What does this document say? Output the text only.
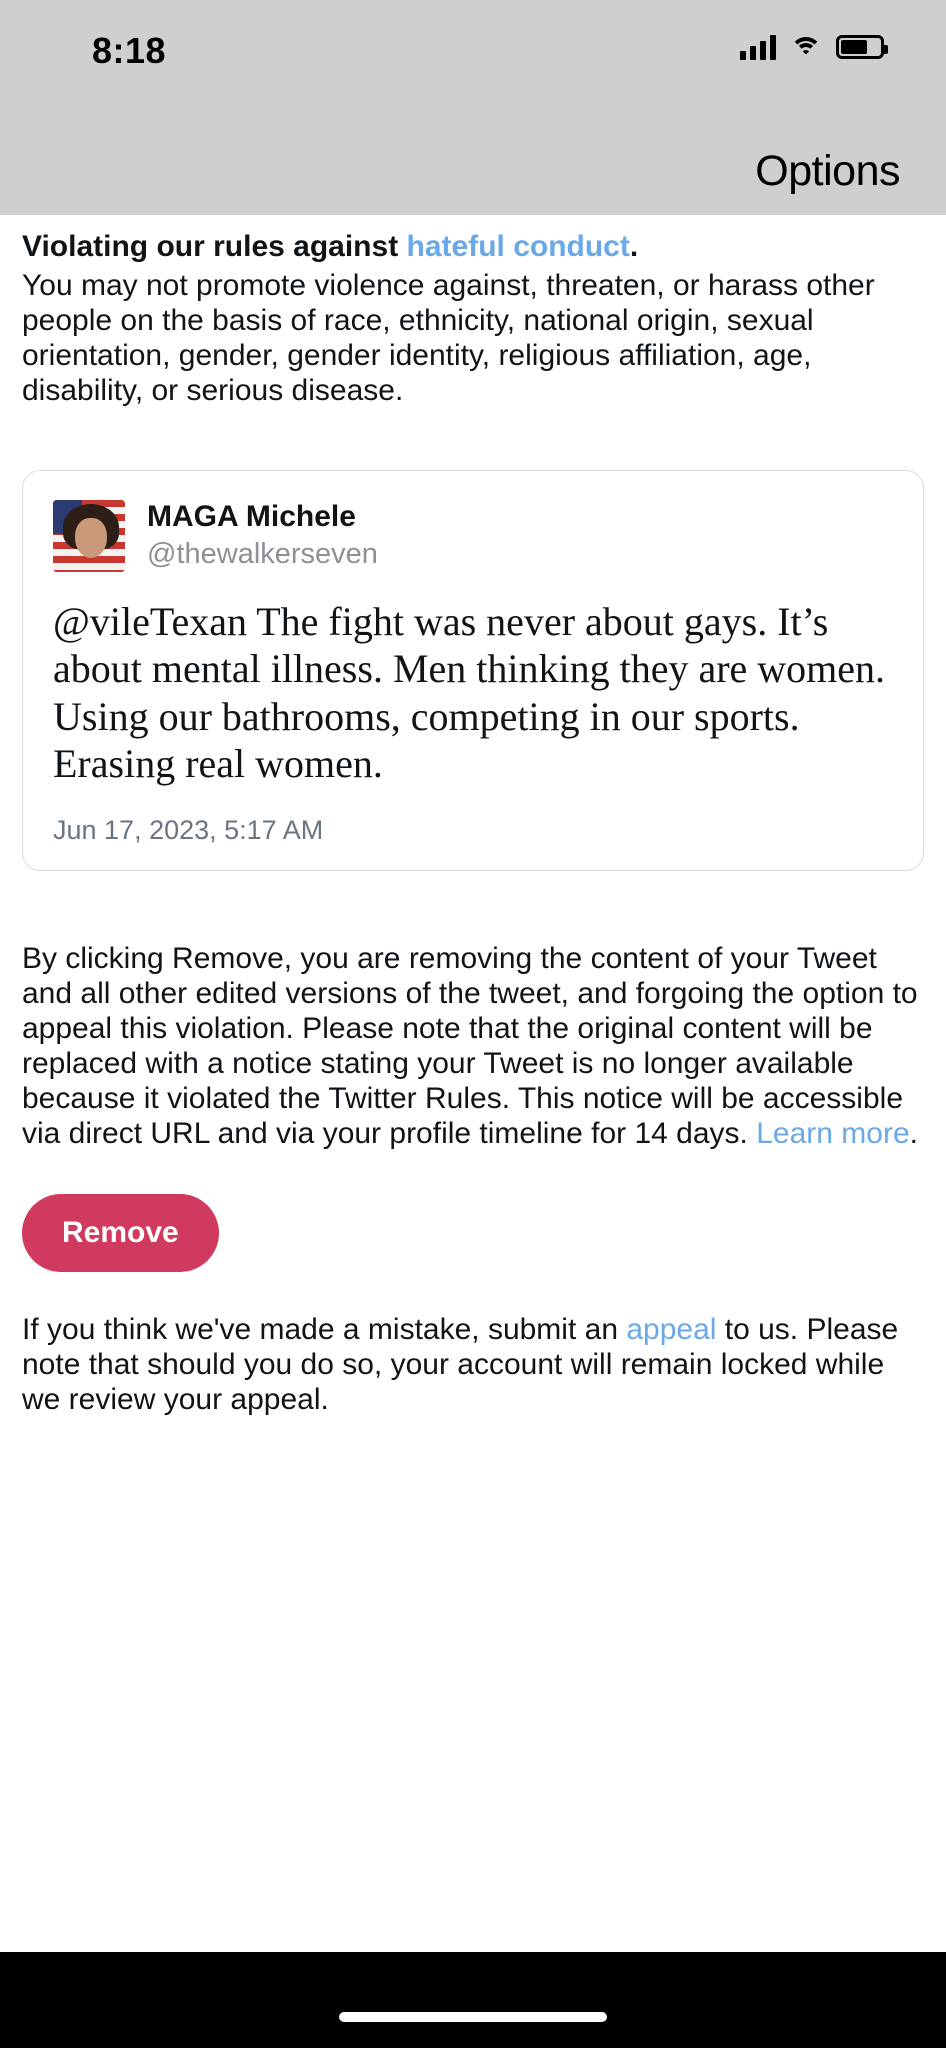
8:18
Options
Violating our rules against hateful conduct.

You may not promote violence against, threaten, or harass other people on the basis of race, ethnicity, national origin, sexual orientation, gender, gender identity, religious affiliation, age, disability, or serious disease.

MAGA Michele
@thewalkerseven
@vileTexan The fight was never about gays. It’s about mental illness. Men thinking they are women. Using our bathrooms, competing in our sports. Erasing real women.
Jun 17, 2023, 5:17 AM
By clicking Remove, you are removing the content of your Tweet and all other edited versions of the tweet, and forgoing the option to appeal this violation. Please note that the original content will be replaced with a notice stating your Tweet is no longer available because it violated the Twitter Rules. This notice will be accessible via direct URL and via your profile timeline for 14 days. Learn more.
Remove
If you think we've made a mistake, submit an appeal to us. Please note that should you do so, your account will remain locked while we review your appeal.
